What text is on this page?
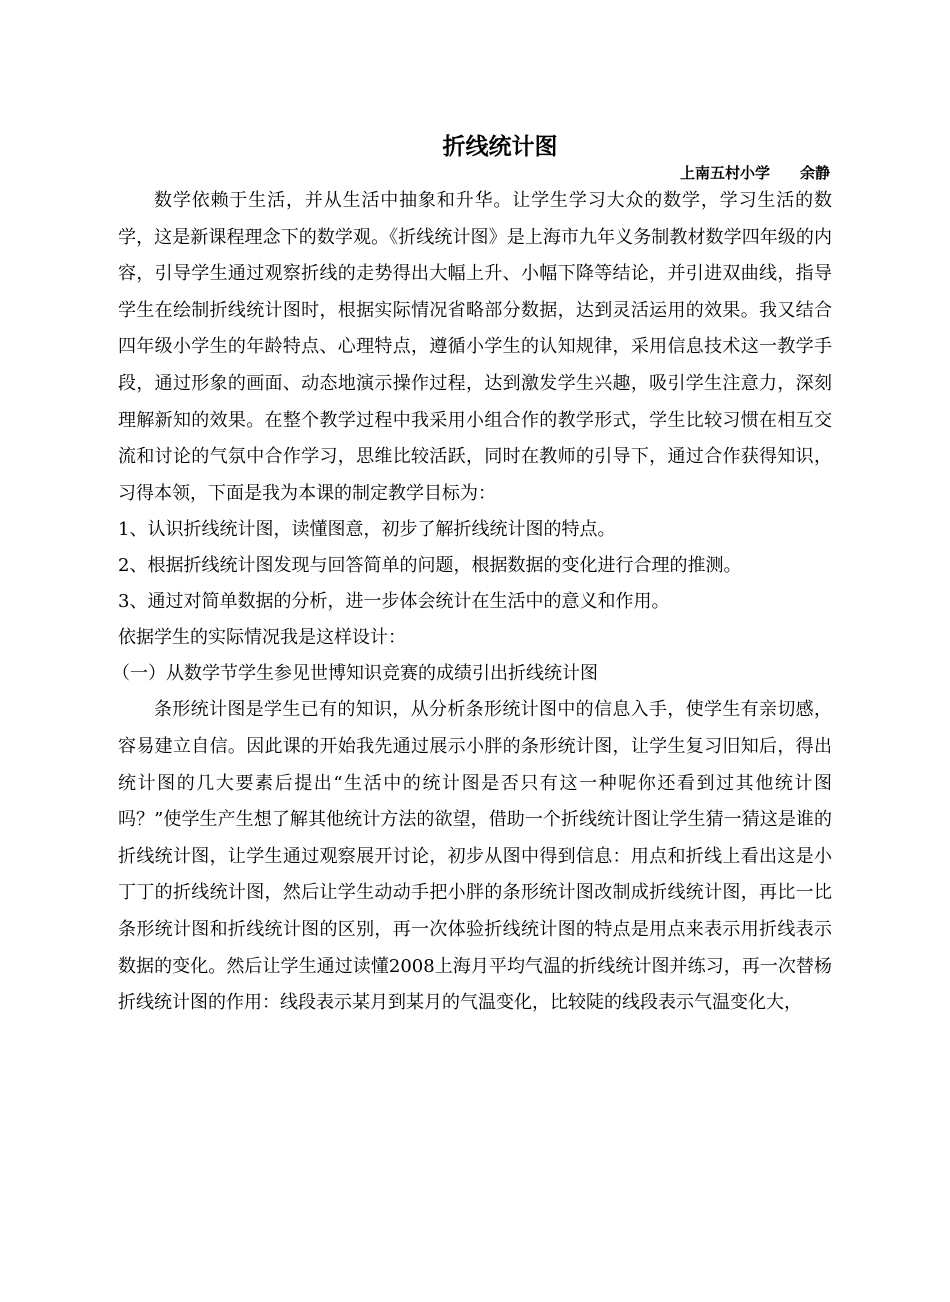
折线统计图
上南五村小学　　余静

数学依赖于生活，并从生活中抽象和升华。让学生学习大众的数学，学习生活的数学，这是新课程理念下的数学观。《折线统计图》是上海市九年义务制教材数学四年级的内容，引导学生通过观察折线的走势得出大幅上升、小幅下降等结论，并引进双曲线，指导学生在绘制折线统计图时，根据实际情况省略部分数据，达到灵活运用的效果。我又结合四年级小学生的年龄特点、心理特点，遵循小学生的认知规律，采用信息技术这一教学手段，通过形象的画面、动态地演示操作过程，达到激发学生兴趣，吸引学生注意力，深刻理解新知的效果。在整个教学过程中我采用小组合作的教学形式，学生比较习惯在相互交流和讨论的气氛中合作学习，思维比较活跃，同时在教师的引导下，通过合作获得知识，习得本领，下面是我为本课的制定教学目标为：

1、认识折线统计图，读懂图意，初步了解折线统计图的特点。

2、根据折线统计图发现与回答简单的问题，根据数据的变化进行合理的推测。

3、通过对简单数据的分析，进一步体会统计在生活中的意义和作用。

依据学生的实际情况我是这样设计：

（一）从数学节学生参见世博知识竞赛的成绩引出折线统计图

条形统计图是学生已有的知识，从分析条形统计图中的信息入手，使学生有亲切感，容易建立自信。因此课的开始我先通过展示小胖的条形统计图，让学生复习旧知后，得出统计图的几大要素后提出“生活中的统计图是否只有这一种呢你还看到过其他统计图吗？”使学生产生想了解其他统计方法的欲望，借助一个折线统计图让学生猜一猜这是谁的折线统计图，让学生通过观察展开讨论，初步从图中得到信息：用点和折线上看出这是小丁丁的折线统计图，然后让学生动动手把小胖的条形统计图改制成折线统计图，再比一比条形统计图和折线统计图的区别，再一次体验折线统计图的特点是用点来表示用折线表示数据的变化。然后让学生通过读懂2008上海月平均气温的折线统计图并练习，再一次替杨折线统计图的作用：线段表示某月到某月的气温变化，比较陡的线段表示气温变化大，
